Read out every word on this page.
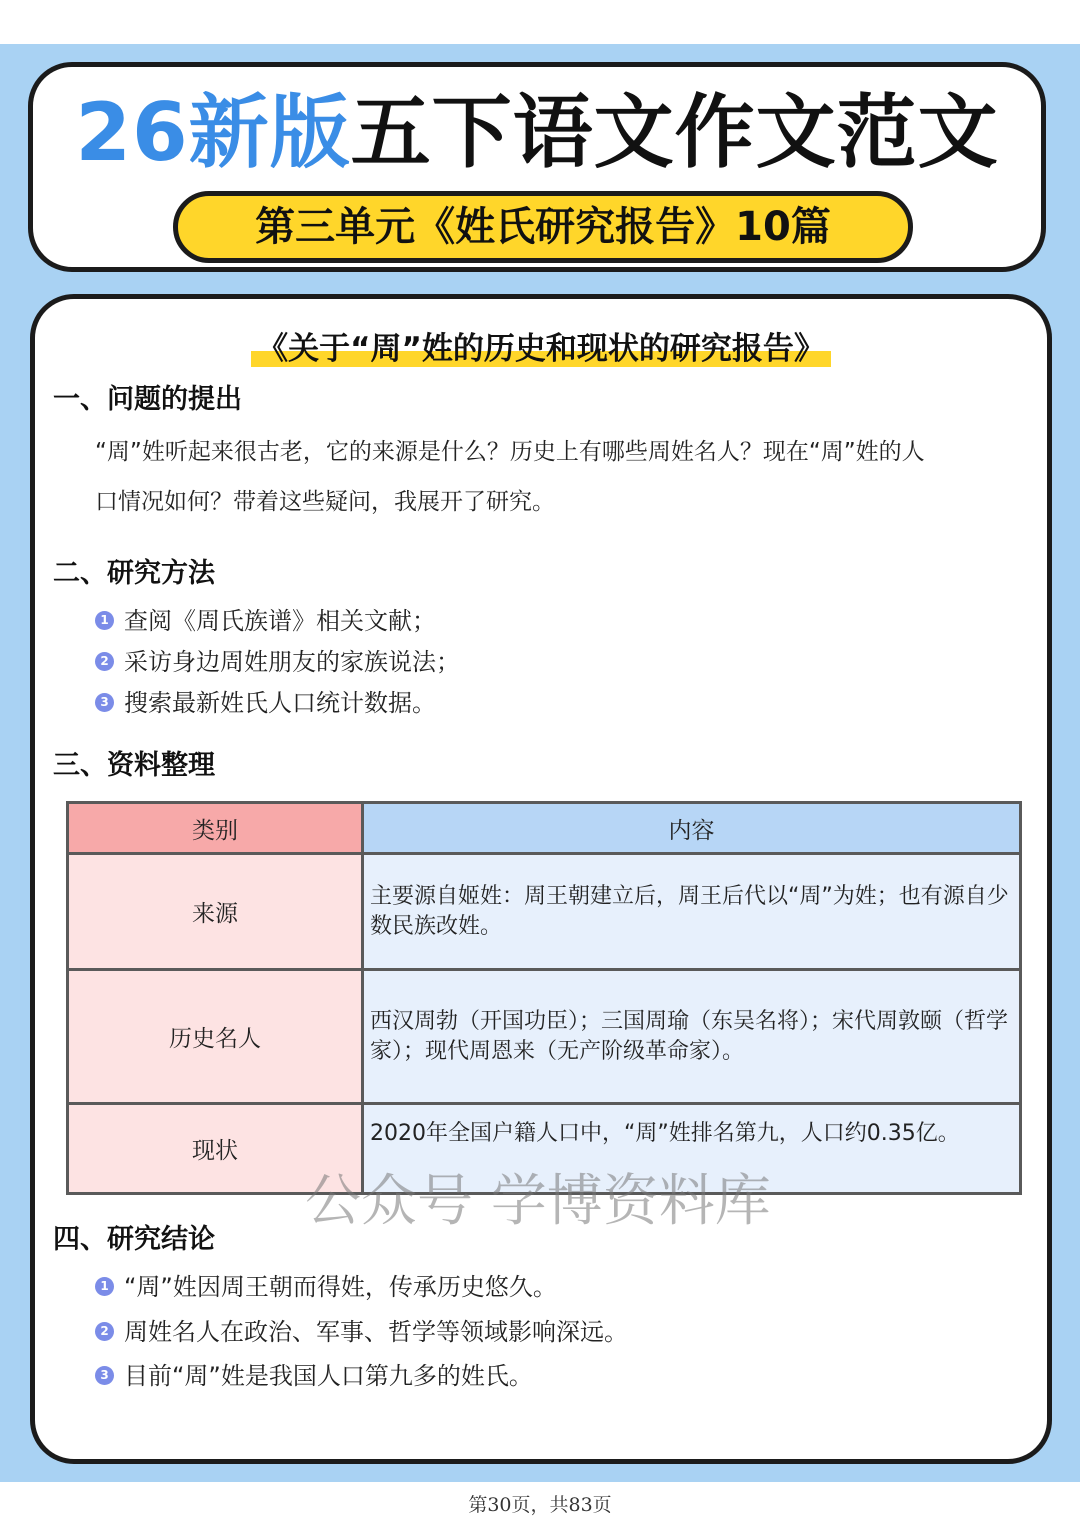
26新版五下语文作文范文
第三单元《姓氏研究报告》10篇
《关于“周”姓的历史和现状的研究报告》
一、问题的提出
“周”姓听起来很古老，它的来源是什么？历史上有哪些周姓名人？现在“周”姓的人
口情况如何？带着这些疑问，我展开了研究。
二、研究方法
1 查阅《周氏族谱》相关文献；
2 采访身边周姓朋友的家族说法；
3 搜索最新姓氏人口统计数据。
三、资料整理
类别	内容
来源	主要源自姬姓：周王朝建立后，周王后代以“周”为姓；也有源自少数民族改姓。
历史名人	西汉周勃（开国功臣）；三国周瑜（东吴名将）；宋代周敦颐（哲学家）；现代周恩来（无产阶级革命家）。
现状	2020年全国户籍人口中，“周”姓排名第九，人口约0.35亿。
公众号 学博资料库
四、研究结论
1 “周”姓因周王朝而得姓，传承历史悠久。
2 周姓名人在政治、军事、哲学等领域影响深远。
3 目前“周”姓是我国人口第九多的姓氏。
第30页，共83页
